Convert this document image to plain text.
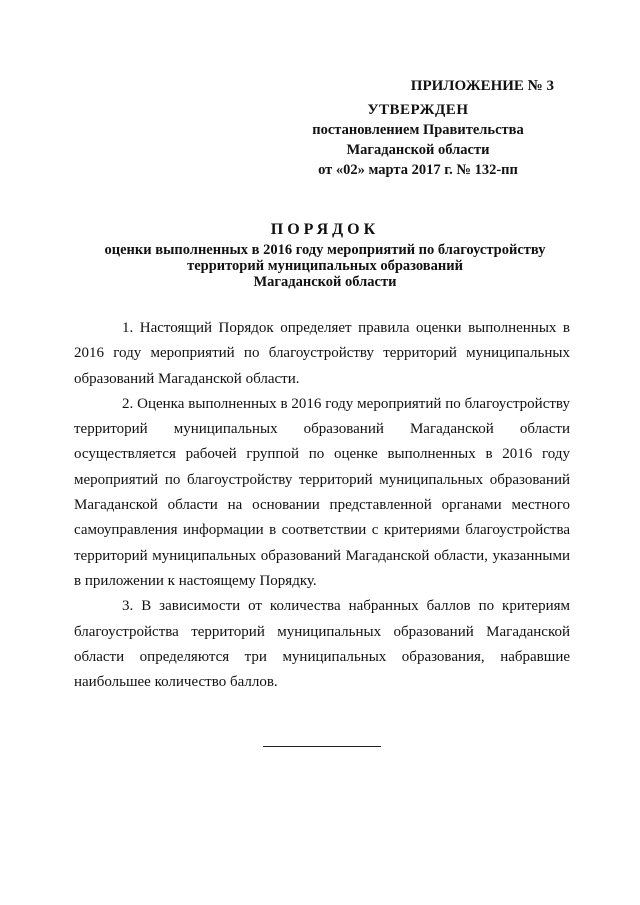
ПРИЛОЖЕНИЕ № 3
УТВЕРЖДЕН
постановлением Правительства
Магаданской области
от «02» марта 2017 г. № 132-пп
ПОРЯДОК
оценки выполненных в 2016 году мероприятий по благоустройству
территорий муниципальных образований
Магаданской области

1. Настоящий Порядок определяет правила оценки выполненных в 2016 году мероприятий по благоустройству территорий муниципальных образований Магаданской области.

2. Оценка выполненных в 2016 году мероприятий по благоустройству территорий муниципальных образований Магаданской области осуществляется рабочей группой по оценке выполненных в 2016 году мероприятий по благоустройству территорий муниципальных образований Магаданской области на основании представленной органами местного самоуправления информации в соответствии с критериями благоустройства территорий муниципальных образований Магаданской области, указанными в приложении к настоящему Порядку.

3. В зависимости от количества набранных баллов по критериям благоустройства территорий муниципальных образований Магаданской области определяются три муниципальных образования, набравшие наибольшее количество баллов.
